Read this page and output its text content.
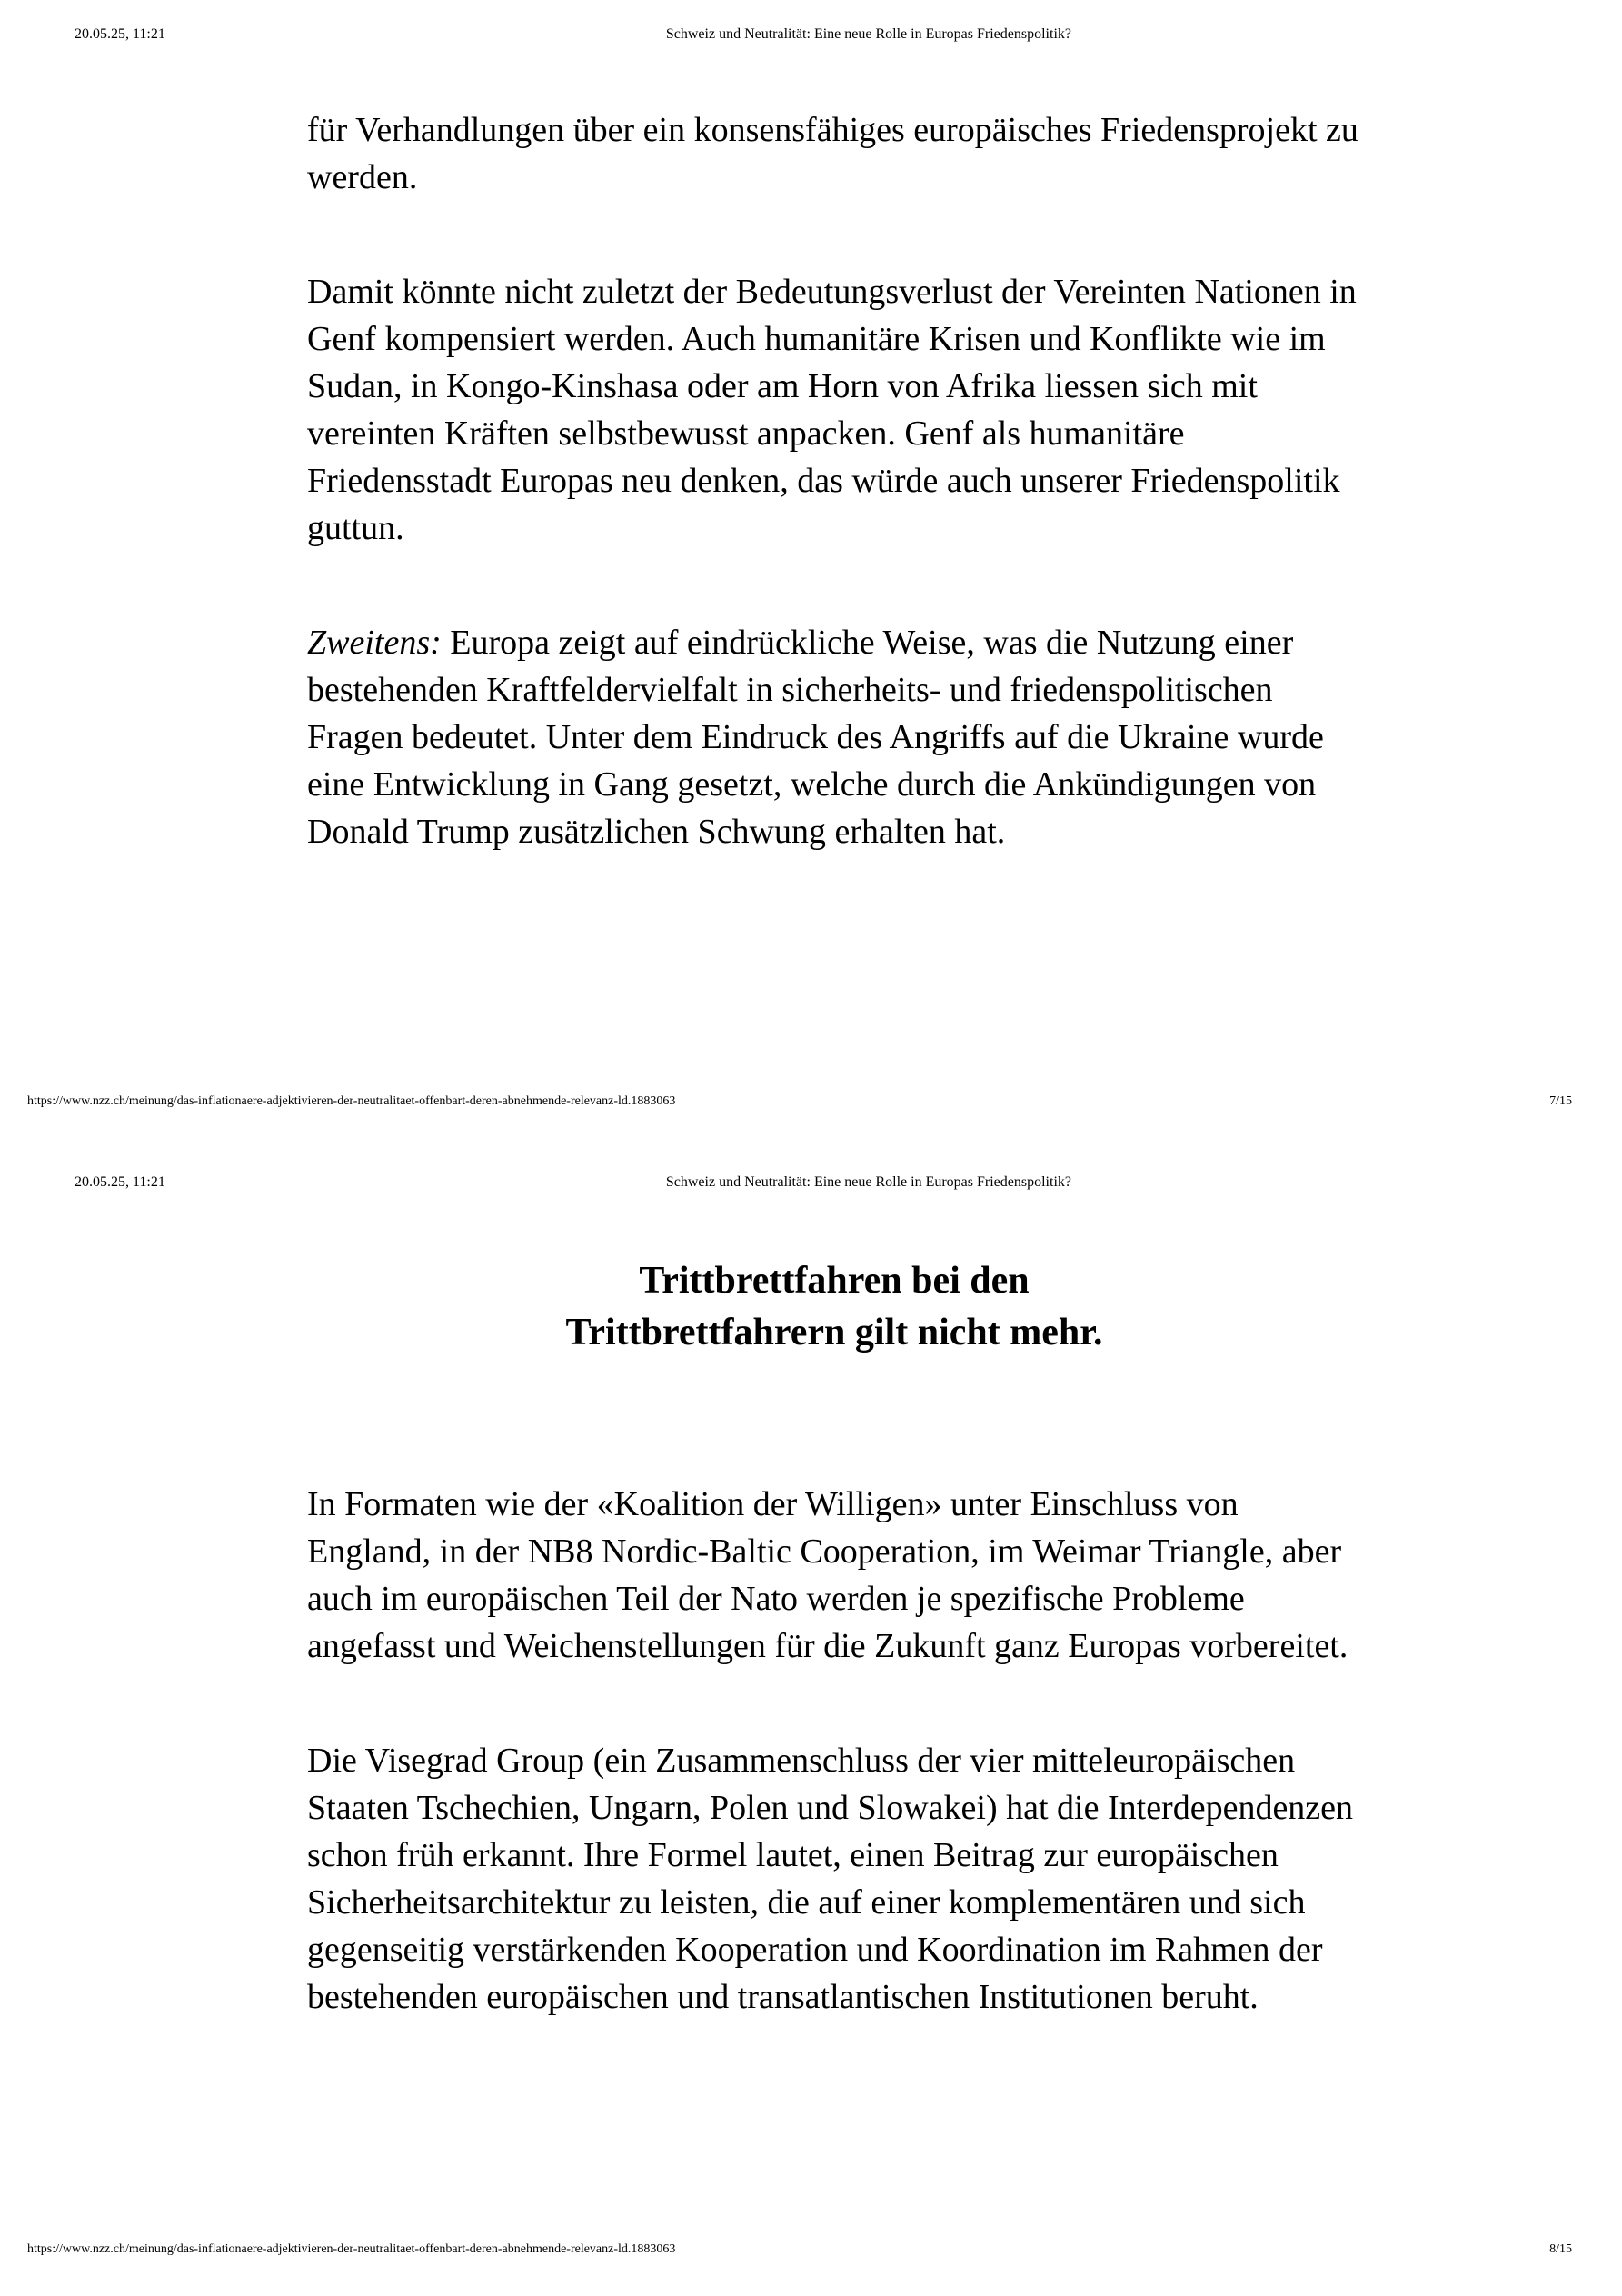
20.05.25, 11:21	Schweiz und Neutralität: Eine neue Rolle in Europas Friedenspolitik?

für Verhandlungen über ein konsensfähiges europäisches Friedensprojekt zu werden.

Damit könnte nicht zuletzt der Bedeutungsverlust der Vereinten Nationen in Genf kompensiert werden. Auch humanitäre Krisen und Konflikte wie im Sudan, in Kongo-Kinshasa oder am Horn von Afrika liessen sich mit vereinten Kräften selbstbewusst anpacken. Genf als humanitäre Friedensstadt Europas neu denken, das würde auch unserer Friedenspolitik guttun.

Zweitens: Europa zeigt auf eindrückliche Weise, was die Nutzung einer bestehenden Kraftfeldervielfalt in sicherheits- und friedenspolitischen Fragen bedeutet. Unter dem Eindruck des Angriffs auf die Ukraine wurde eine Entwicklung in Gang gesetzt, welche durch die Ankündigungen von Donald Trump zusätzlichen Schwung erhalten hat.

https://www.nzz.ch/meinung/das-inflationaere-adjektivieren-der-neutralitaet-offenbart-deren-abnehmende-relevanz-ld.1883063	7/15
20.05.25, 11:21	Schweiz und Neutralität: Eine neue Rolle in Europas Friedenspolitik?
Trittbrettfahren bei den
Trittbrettfahrern gilt nicht mehr.

In Formaten wie der «Koalition der Willigen» unter Einschluss von England, in der NB8 Nordic-Baltic Cooperation, im Weimar Triangle, aber auch im europäischen Teil der Nato werden je spezifische Probleme angefasst und Weichenstellungen für die Zukunft ganz Europas vorbereitet.

Die Visegrad Group (ein Zusammenschluss der vier mitteleuropäischen Staaten Tschechien, Ungarn, Polen und Slowakei) hat die Interdependenzen schon früh erkannt. Ihre Formel lautet, einen Beitrag zur europäischen Sicherheitsarchitektur zu leisten, die auf einer komplementären und sich gegenseitig verstärkenden Kooperation und Koordination im Rahmen der bestehenden europäischen und transatlantischen Institutionen beruht.

https://www.nzz.ch/meinung/das-inflationaere-adjektivieren-der-neutralitaet-offenbart-deren-abnehmende-relevanz-ld.1883063	8/15
